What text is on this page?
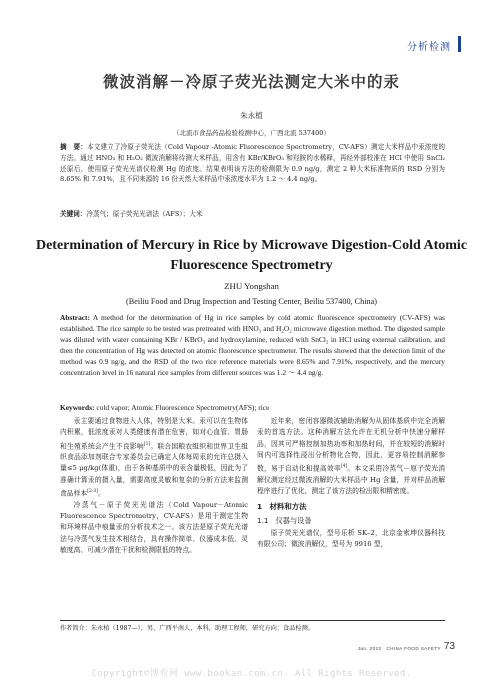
分析检测
微波消解－冷原子荧光法测定大米中的汞
朱永植
（北流市食品药品检验检测中心，广西北流 537400）

摘　要：本文建立了冷原子荧光法（Cold Vapour -Atomic Fluorescence Spectrometry，CV-AFS）测定大米样品中汞浓度的方法。通过 HNO₃ 和 H₂O₂ 微波消解将待测大米样品，用含有 KBr/KBrO₃ 和羟胺的水稀释，再经外部校准在 HCl 中使用 SnCl₂ 还原后，使用原子荧光光谱仪检测 Hg 的浓度。结果表明该方法的检测限为 0.9 ng/g，测定 2 种大米标准物质的 RSD 分别为 8.65% 和 7.91%，且不同来源的 16 份天然大米样品中汞浓度水平为 1.2 ～ 4.4 ng/g。

关键词：冷蒸气；原子荧光光谱法（AFS）；大米

Determination of Mercury in Rice by Microwave Digestion-Cold Atomic Fluorescence Spectrometry
ZHU Yongshan
(Beiliu Food and Drug Inspection and Testing Center, Beiliu 537400, China)

Abstract: A method for the determination of Hg in rice samples by cold atomic fluorescence spectrometry (CV-AFS) was established. The rice sample to be tested was pretreated with HNO₃ and H₂O₂ microwave digestion method. The digested sample was diluted with water containing KBr / KBrO₃ and hydroxylamine, reduced with SnCl₂ in HCl using external calibration, and then the concentration of Hg was detected on atomic fluorescence spectrometer. The results showed that the detection limit of the method was 0.9 ng/g, and the RSD of the two rice reference materials were 8.65% and 7.91%, respectively, and the mercury concentration level in 16 natural rice samples from different sources was 1.2 ～ 4.4 ng/g.

Keywords: cold vapor; Atomic Fluorescence Spectrometry(AFS); rice

汞主要通过食物进入人体，特别是大米。汞可以在生物体内积累，低浓度汞对人类健康有潜在危害，如对心血管、胃肠和生殖系统会产生不良影响[1]。联合国粮农组织和世界卫生组织食品添加剂联合专家委员会已确定人体每周汞的允许总摄入量≤5 μg/kg(体重)，由于各种基质中的汞含量极低，因此为了准确计算汞的摄入量，需要高度灵敏和复杂的分析方法来监测食品样本[2-3]。

冷蒸气－原子荧光光谱法（Cold Vapour－Atomic Fluorescence Spectrometry，CV-AFS）是用于测定生物和环境样品中痕量汞的分析技术之一。该方法是原子荧光光谱法与冷蒸气发生技术相结合，具有操作简单、仪器成本低、灵敏度高、可减少潜在干扰和检测限低的特点。

近年来，密闭容器微波辅助消解为从固体基质中完全消解汞的首选方法。这种消解方法允许在无机分析中快速分解样品，因其可严格控制加热功率和加热时间，并在较短的消解时间内可选择性浸出分析物化合物，因此，更容易控制消解参数，易于自动化和提高效率[4]。本文采用冷蒸气－原子荧光消解仪测定经过微波消解的大米样品中 Hg 含量，并对样品消解程序进行了优化，测定了该方法的检出限和精密度。

1　材料和方法
1.1　仪器与设备

原子荧光光谱仪，型号乐析 SK–2，北京金索坤仪器科技有限公司；微波消解仪，型号为 9916 型，

作者简介：朱永植（1987—），男，广西平南人，本科，助理工程师，研究方向：食品检测。
Jan. 2022　CHINA FOOD SAFETY 73
Copyright©博看网 www.bookan.com.cn. All Rights Reserved.
